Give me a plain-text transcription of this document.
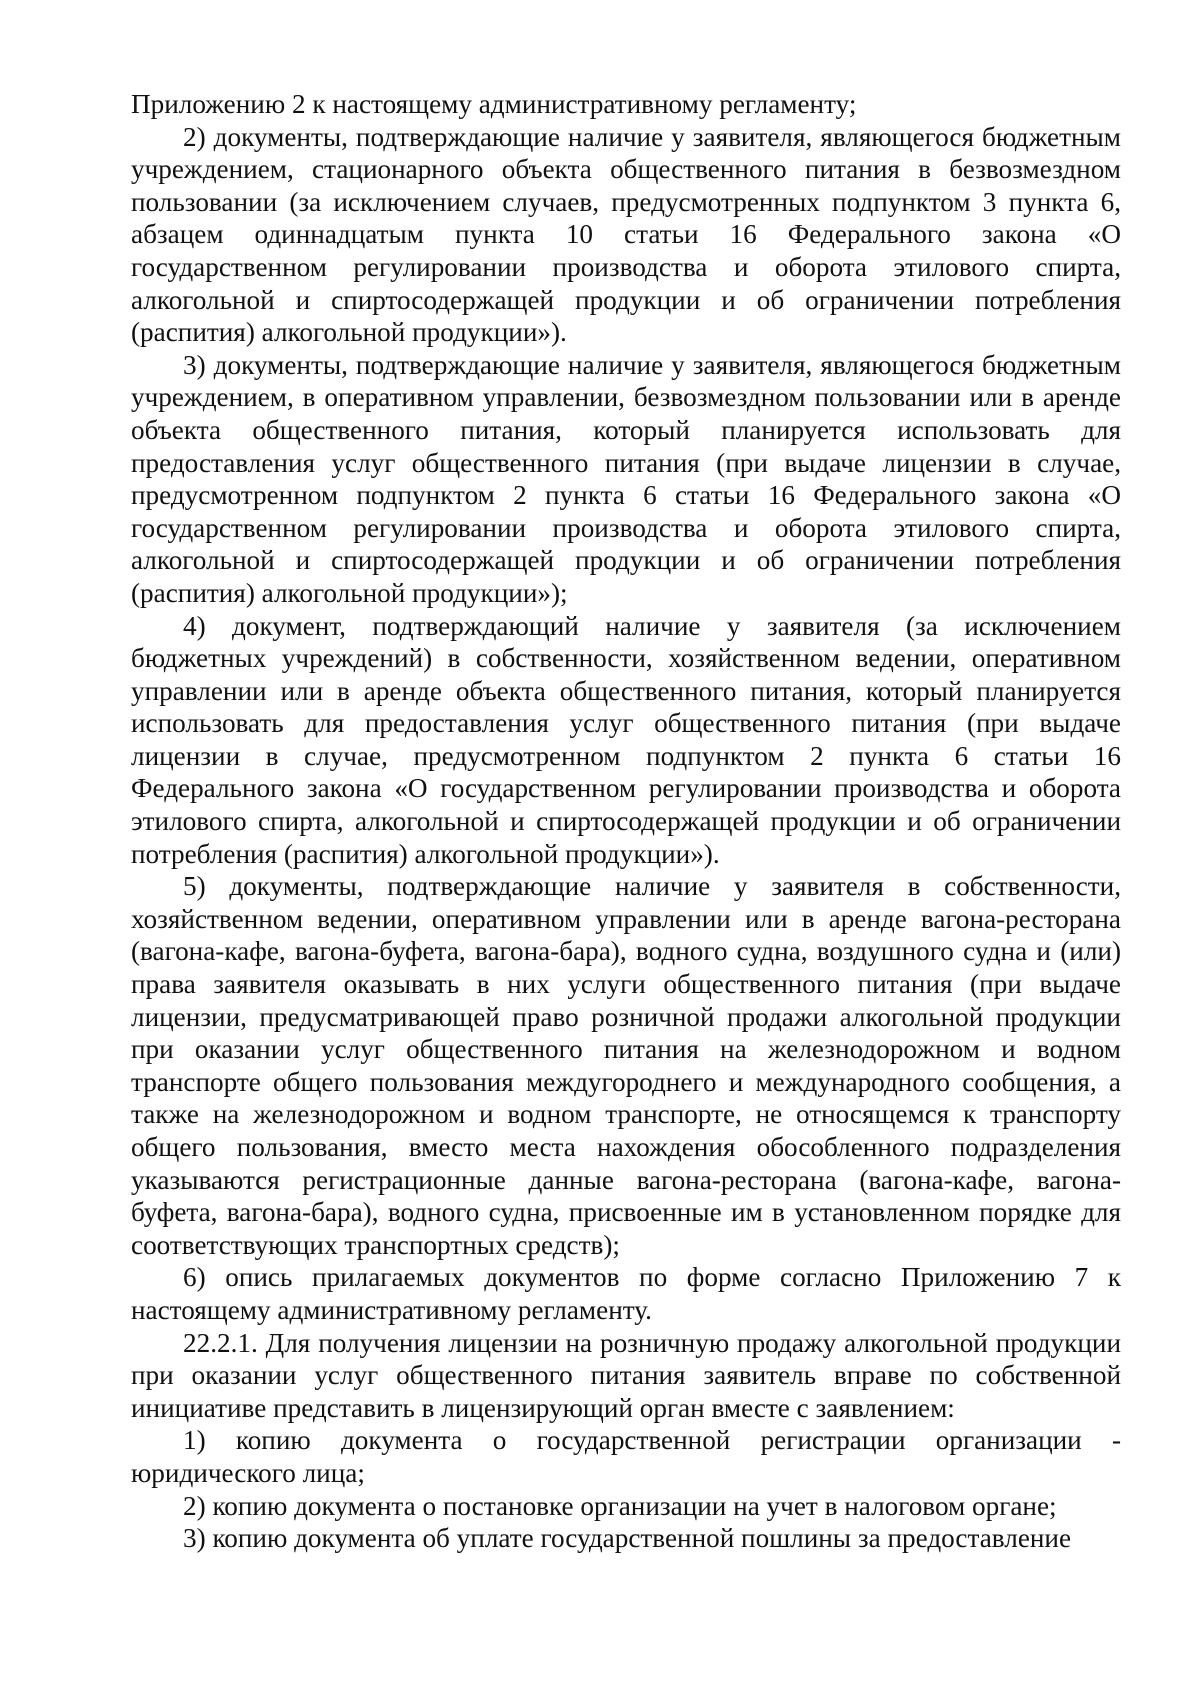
Приложению 2 к настоящему административному регламенту;

2) документы, подтверждающие наличие у заявителя, являющегося бюджетным учреждением, стационарного объекта общественного питания в безвозмездном пользовании (за исключением случаев, предусмотренных подпунктом 3 пункта 6, абзацем одиннадцатым пункта 10 статьи 16 Федерального закона «О государственном регулировании производства и оборота этилового спирта, алкогольной и спиртосодержащей продукции и об ограничении потребления (распития) алкогольной продукции»).

3) документы, подтверждающие наличие у заявителя, являющегося бюджетным учреждением, в оперативном управлении, безвозмездном пользовании или в аренде объекта общественного питания, который планируется использовать для предоставления услуг общественного питания (при выдаче лицензии в случае, предусмотренном подпунктом 2 пункта 6 статьи 16 Федерального закона «О государственном регулировании производства и оборота этилового спирта, алкогольной и спиртосодержащей продукции и об ограничении потребления (распития) алкогольной продукции»);

4) документ, подтверждающий наличие у заявителя (за исключением бюджетных учреждений) в собственности, хозяйственном ведении, оперативном управлении или в аренде объекта общественного питания, который планируется использовать для предоставления услуг общественного питания (при выдаче лицензии в случае, предусмотренном подпунктом 2 пункта 6 статьи 16 Федерального закона «О государственном регулировании производства и оборота этилового спирта, алкогольной и спиртосодержащей продукции и об ограничении потребления (распития) алкогольной продукции»).

5) документы, подтверждающие наличие у заявителя в собственности, хозяйственном ведении, оперативном управлении или в аренде вагона-ресторана (вагона-кафе, вагона-буфета, вагона-бара), водного судна, воздушного судна и (или) права заявителя оказывать в них услуги общественного питания (при выдаче лицензии, предусматривающей право розничной продажи алкогольной продукции при оказании услуг общественного питания на железнодорожном и водном транспорте общего пользования междугороднего и международного сообщения, а также на железнодорожном и водном транспорте, не относящемся к транспорту общего пользования, вместо места нахождения обособленного подразделения указываются регистрационные данные вагона-ресторана (вагона-кафе, вагона-буфета, вагона-бара), водного судна, присвоенные им в установленном порядке для соответствующих транспортных средств);

6) опись прилагаемых документов по форме согласно Приложению 7 к настоящему административному регламенту.

22.2.1. Для получения лицензии на розничную продажу алкогольной продукции при оказании услуг общественного питания заявитель вправе по собственной инициативе представить в лицензирующий орган вместе с заявлением:

1) копию документа о государственной регистрации организации - юридического лица;

2) копию документа о постановке организации на учет в налоговом органе;

3) копию документа об уплате государственной пошлины за предоставление
